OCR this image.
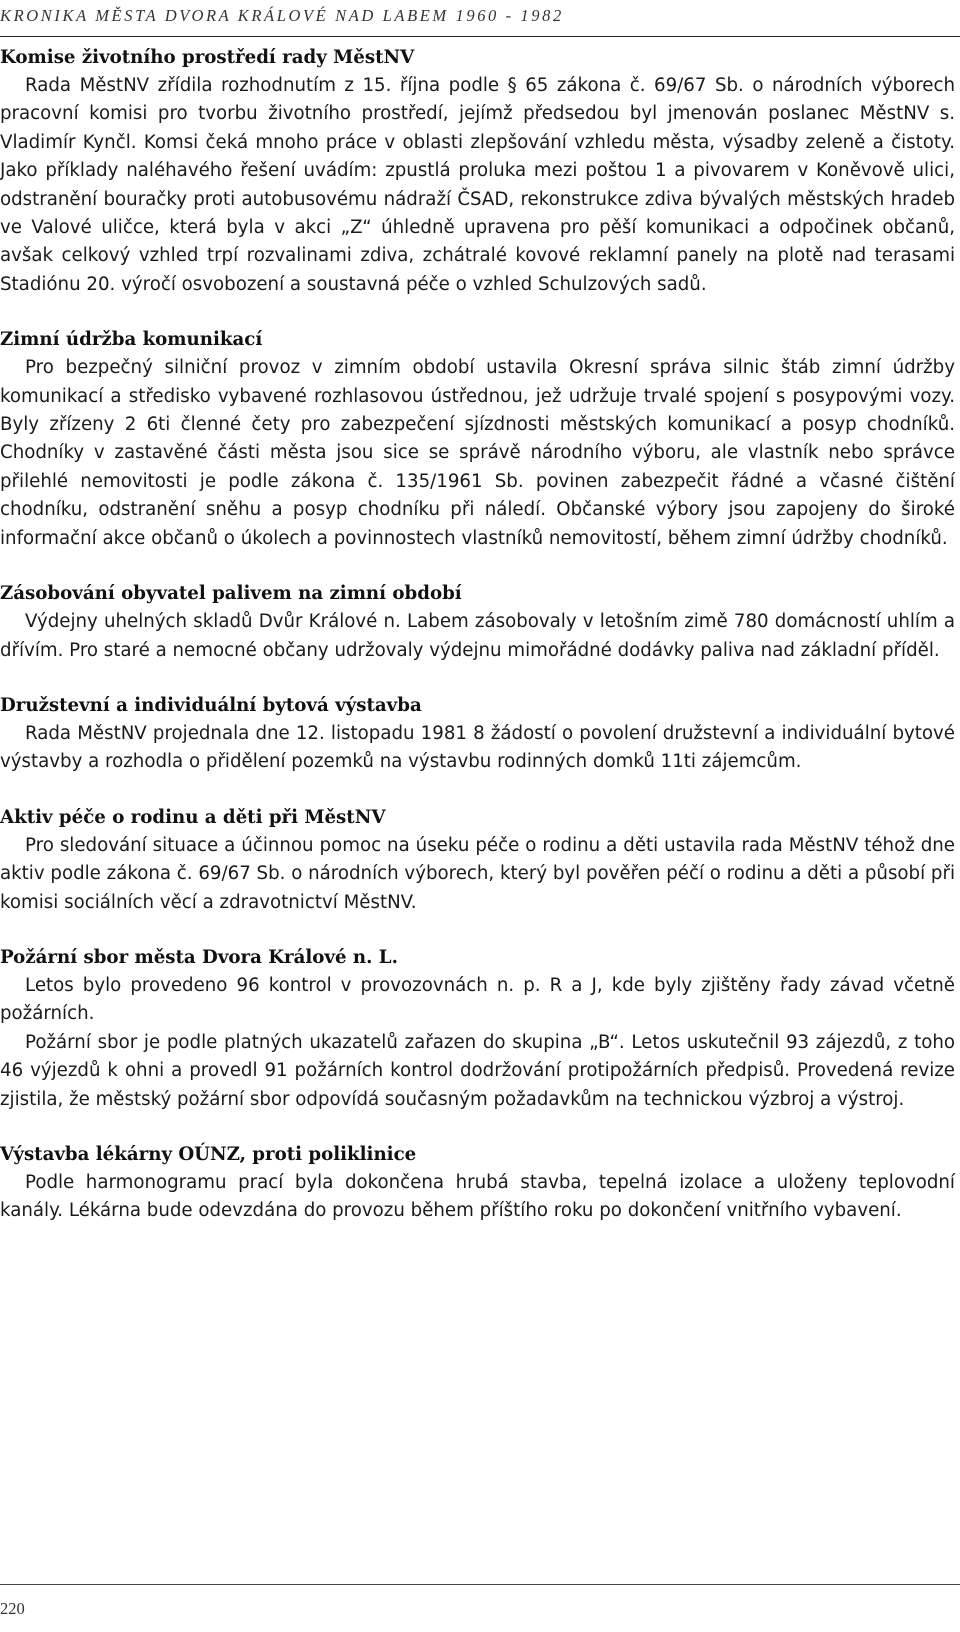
KRONIKA MĚSTA DVORA KRÁLOVÉ NAD LABEM 1960 - 1982
Komise životního prostředí rady MěstNV

Rada MěstNV zřídila rozhodnutím z 15. října podle § 65 zákona č. 69/67 Sb. o národních výborech pracovní komisi pro tvorbu životního prostředí, jejímž předsedou byl jmenován poslanec MěstNV s. Vladimír Kynčl. Komsi čeká mnoho práce v oblasti zlepšování vzhledu města, výsadby zeleně a čistoty. Jako příklady naléhavého řešení uvádím: zpustlá proluka mezi poštou 1 a pivovarem v Koněvově ulici, odstranění bouračky proti autobusovému nádraží ČSAD, rekonstrukce zdiva bývalých městských hradeb ve Valové uličce, která byla v akci „Z“ úhledně upravena pro pěší komunikaci a odpočinek občanů, avšak celkový vzhled trpí rozvalinami zdiva, zchátralé kovové reklamní panely na plotě nad terasami Stadiónu 20. výročí osvobození a soustavná péče o vzhled Schulzových sadů.

Zimní údržba komunikací

Pro bezpečný silniční provoz v zimním období ustavila Okresní správa silnic štáb zimní údržby komunikací a středisko vybavené rozhlasovou ústřednou, jež udržuje trvalé spojení s posypovými vozy. Byly zřízeny 2 6ti členné čety pro zabezpečení sjízdnosti městských komunikací a posyp chodníků. Chodníky v zastavěné části města jsou sice se správě národního výboru, ale vlastník nebo správce přilehlé nemovitosti je podle zákona č. 135/1961 Sb. povinen zabezpečit řádné a včasné čištění chodníku, odstranění sněhu a posyp chodníku při náledí. Občanské výbory jsou zapojeny do široké informační akce občanů o úkolech a povinnostech vlastníků nemovitostí, během zimní údržby chodníků.

Zásobování obyvatel palivem na zimní období

Výdejny uhelných skladů Dvůr Králové n. Labem zásobovaly v letošním zimě 780 domácností uhlím a dřívím. Pro staré a nemocné občany udržovaly výdejnu mimořádné dodávky paliva nad základní příděl.

Družstevní a individuální bytová výstavba

Rada MěstNV projednala dne 12. listopadu 1981 8 žádostí o povolení družstevní a individuální bytové výstavby a rozhodla o přidělení pozemků na výstavbu rodinných domků 11ti zájemcům.

Aktiv péče o rodinu a děti při MěstNV

Pro sledování situace a účinnou pomoc na úseku péče o rodinu a děti ustavila rada MěstNV téhož dne aktiv podle zákona č. 69/67 Sb. o národních výborech, který byl pověřen péčí o rodinu a děti a působí při komisi sociálních věcí a zdravotnictví MěstNV.

Požární sbor města Dvora Králové n. L.

Letos bylo provedeno 96 kontrol v provozovnách n. p. R a J, kde byly zjištěny řady závad včetně požárních.

Požární sbor je podle platných ukazatelů zařazen do skupina „B“. Letos uskutečnil 93 zájezdů, z toho 46 výjezdů k ohni a provedl 91 požárních kontrol dodržování protipožárních předpisů. Provedená revize zjistila, že městský požární sbor odpovídá současným požadavkům na technickou výzbroj a výstroj.

Výstavba lékárny OÚNZ, proti poliklinice

Podle harmonogramu prací byla dokončena hrubá stavba, tepelná izolace a uloženy teplovodní kanály. Lékárna bude odevzdána do provozu během příštího roku po dokončení vnitřního vybavení.

220
